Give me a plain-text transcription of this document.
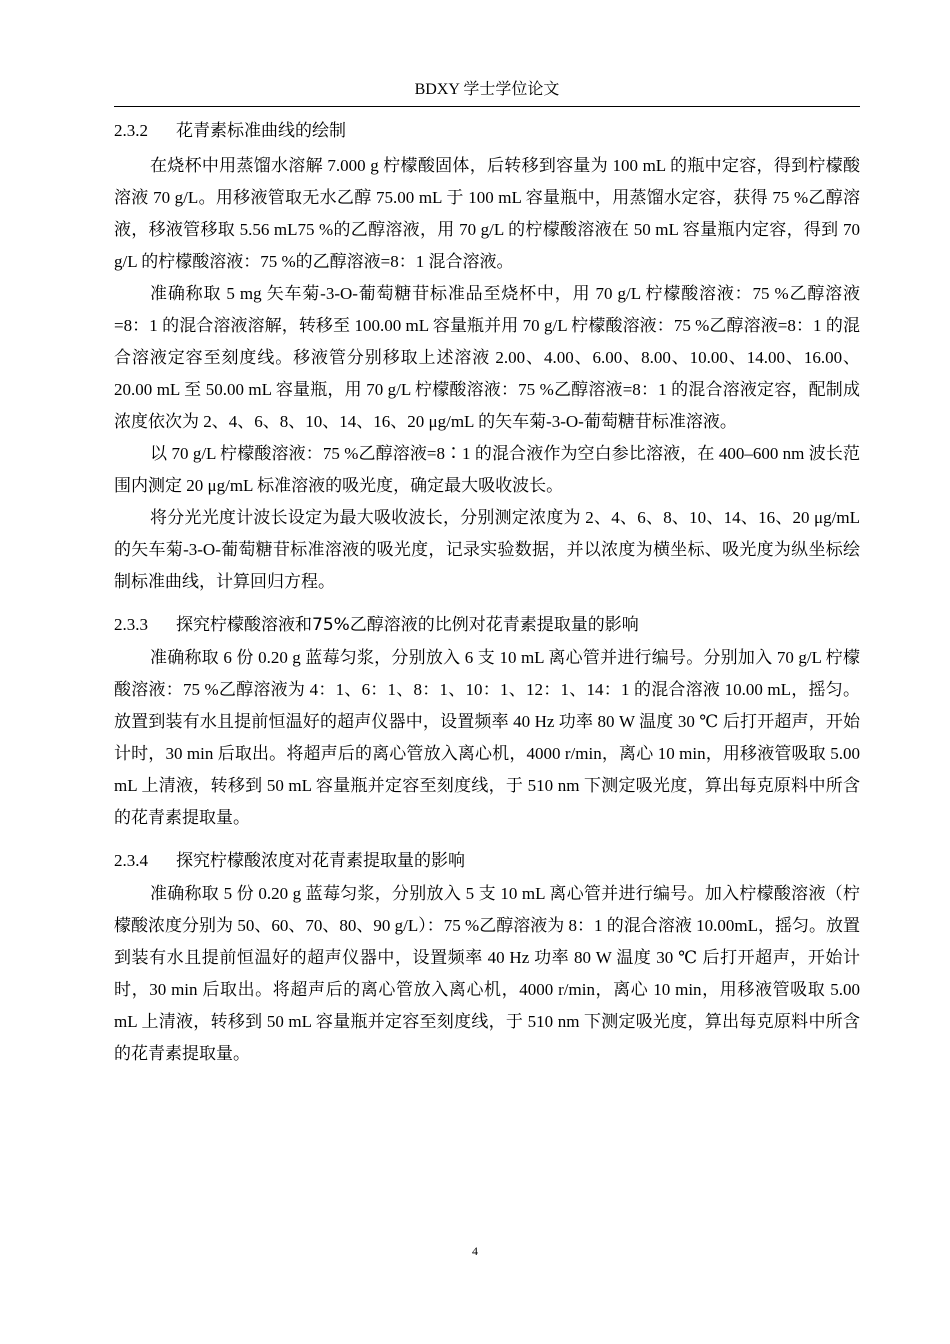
BDXY 学士学位论文
2.3.2 花青素标准曲线的绘制

在烧杯中用蒸馏水溶解 7.000 g 柠檬酸固体，后转移到容量为 100 mL 的瓶中定容，得到柠檬酸溶液 70 g/L。用移液管取无水乙醇 75.00 mL 于 100 mL 容量瓶中，用蒸馏水定容，获得 75 %乙醇溶液，移液管移取 5.56 mL75 %的乙醇溶液，用 70 g/L 的柠檬酸溶液在 50 mL 容量瓶内定容，得到 70 g/L 的柠檬酸溶液：75 %的乙醇溶液=8：1 混合溶液。

准确称取 5 mg 矢车菊-3-O-葡萄糖苷标准品至烧杯中，用 70 g/L 柠檬酸溶液：75 %乙醇溶液=8：1 的混合溶液溶解，转移至 100.00 mL 容量瓶并用 70 g/L 柠檬酸溶液：75 %乙醇溶液=8：1 的混合溶液定容至刻度线。移液管分别移取上述溶液 2.00、4.00、6.00、8.00、10.00、14.00、16.00、20.00 mL 至 50.00 mL 容量瓶，用 70 g/L 柠檬酸溶液：75 %乙醇溶液=8：1 的混合溶液定容，配制成浓度依次为 2、4、6、8、10、14、16、20 μg/mL 的矢车菊-3-O-葡萄糖苷标准溶液。

以 70 g/L 柠檬酸溶液：75 %乙醇溶液=8∶1 的混合液作为空白参比溶液，在 400–600 nm 波长范围内测定 20 μg/mL 标准溶液的吸光度，确定最大吸收波长。

将分光光度计波长设定为最大吸收波长，分别测定浓度为 2、4、6、8、10、14、16、20 μg/mL 的矢车菊-3-O-葡萄糖苷标准溶液的吸光度，记录实验数据，并以浓度为横坐标、吸光度为纵坐标绘制标准曲线，计算回归方程。

2.3.3 探究柠檬酸溶液和75%乙醇溶液的比例对花青素提取量的影响

准确称取 6 份 0.20 g 蓝莓匀浆，分别放入 6 支 10 mL 离心管并进行编号。分别加入 70 g/L 柠檬酸溶液：75 %乙醇溶液为 4：1、6：1、8：1、10：1、12：1、14：1 的混合溶液 10.00 mL，摇匀。放置到装有水且提前恒温好的超声仪器中，设置频率 40 Hz 功率 80 W 温度 30 ℃ 后打开超声，开始计时，30 min 后取出。将超声后的离心管放入离心机，4000 r/min，离心 10 min，用移液管吸取 5.00 mL 上清液，转移到 50 mL 容量瓶并定容至刻度线，于 510 nm 下测定吸光度，算出每克原料中所含的花青素提取量。

2.3.4 探究柠檬酸浓度对花青素提取量的影响

准确称取 5 份 0.20 g 蓝莓匀浆，分别放入 5 支 10 mL 离心管并进行编号。加入柠檬酸溶液（柠檬酸浓度分别为 50、60、70、80、90 g/L）：75 %乙醇溶液为 8：1 的混合溶液 10.00mL，摇匀。放置到装有水且提前恒温好的超声仪器中，设置频率 40 Hz 功率 80 W 温度 30 ℃ 后打开超声，开始计时，30 min 后取出。将超声后的离心管放入离心机，4000 r/min，离心 10 min，用移液管吸取 5.00 mL 上清液，转移到 50 mL 容量瓶并定容至刻度线，于 510 nm 下测定吸光度，算出每克原料中所含的花青素提取量。

4
